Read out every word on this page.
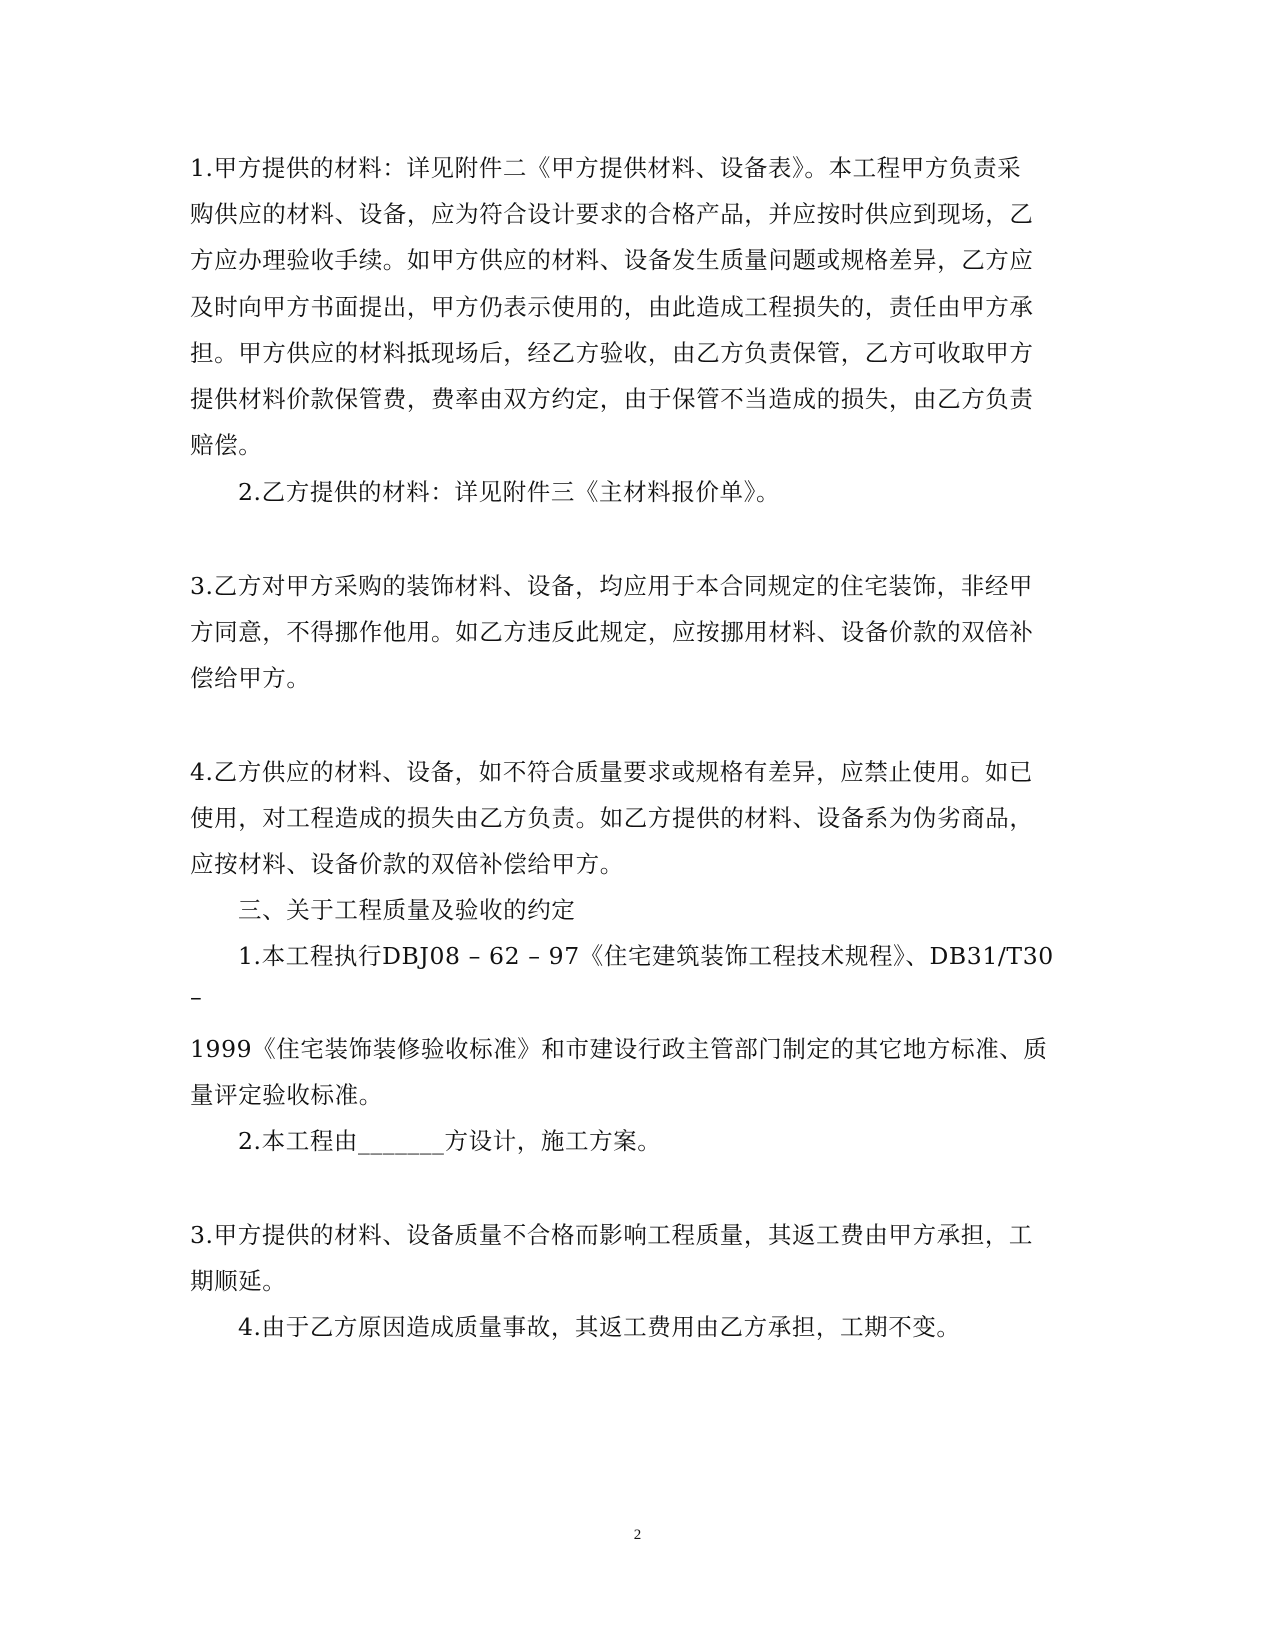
1.甲方提供的材料：详见附件二《甲方提供材料、设备表》。本工程甲方负责采
购供应的材料、设备，应为符合设计要求的合格产品，并应按时供应到现场，乙
方应办理验收手续。如甲方供应的材料、设备发生质量问题或规格差异，乙方应
及时向甲方书面提出，甲方仍表示使用的，由此造成工程损失的，责任由甲方承
担。甲方供应的材料抵现场后，经乙方验收，由乙方负责保管，乙方可收取甲方
提供材料价款保管费，费率由双方约定，由于保管不当造成的损失，由乙方负责
赔偿。
2.乙方提供的材料：详见附件三《主材料报价单》。
3.乙方对甲方采购的装饰材料、设备，均应用于本合同规定的住宅装饰，非经甲
方同意，不得挪作他用。如乙方违反此规定，应按挪用材料、设备价款的双倍补
偿给甲方。
4.乙方供应的材料、设备，如不符合质量要求或规格有差异，应禁止使用。如已
使用，对工程造成的损失由乙方负责。如乙方提供的材料、设备系为伪劣商品，
应按材料、设备价款的双倍补偿给甲方。
三、关于工程质量及验收的约定
1.本工程执行DBJ08 – 62 – 97《住宅建筑装饰工程技术规程》、DB31/T30
–
1999《住宅装饰装修验收标准》和市建设行政主管部门制定的其它地方标准、质
量评定验收标准。
2.本工程由_______方设计，施工方案。
3.甲方提供的材料、设备质量不合格而影响工程质量，其返工费由甲方承担，工
期顺延。
4.由于乙方原因造成质量事故，其返工费用由乙方承担，工期不变。
2
